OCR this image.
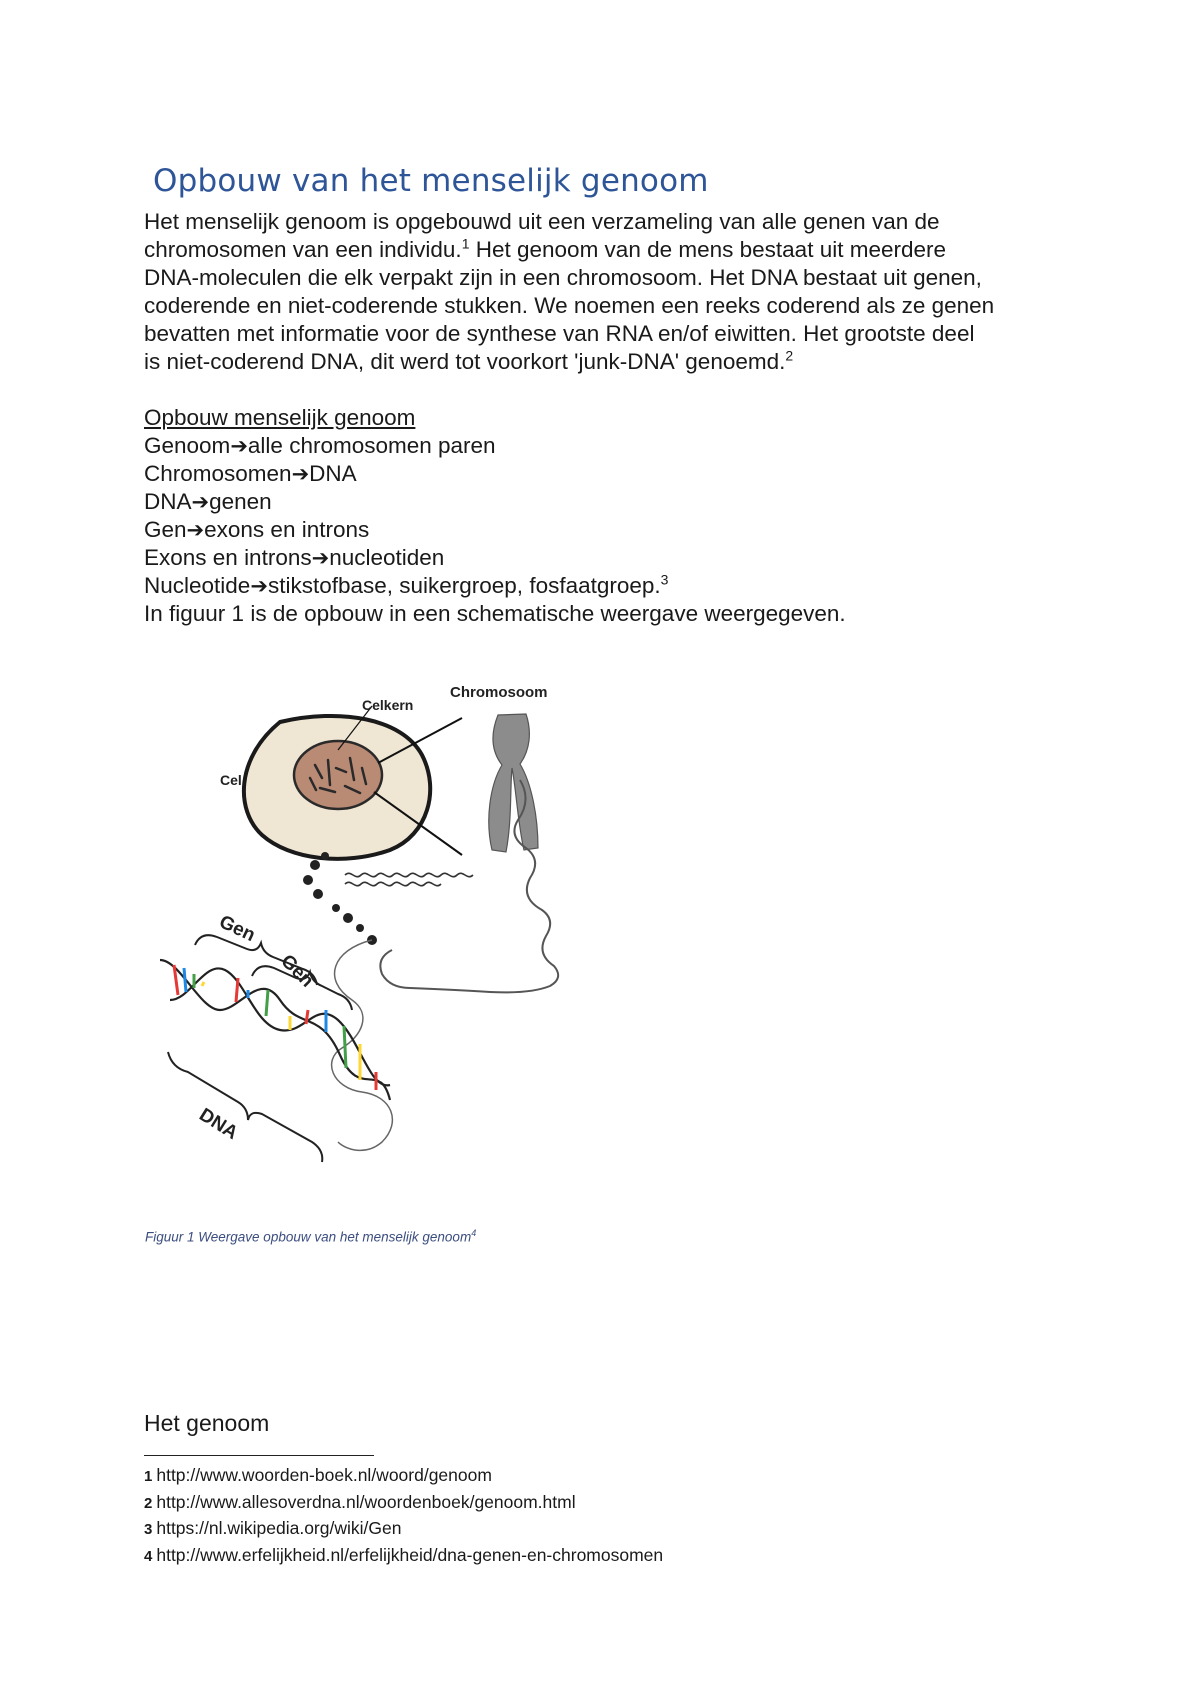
Opbouw van het menselijk genoom

Het menselijk genoom is opgebouwd uit een verzameling van alle genen van de
chromosomen van een individu.$^1$ Het genoom van de mens bestaat uit meerdere
DNA-moleculen die elk verpakt zijn in een chromosoom. Het DNA bestaat uit genen,
coderende en niet-coderende stukken. We noemen een reeks coderend als ze genen
bevatten met informatie voor de synthese van RNA en/of eiwitten. Het grootste deel
is niet-coderend DNA, dit werd tot voorkort 'junk-DNA' genoemd.$^2$

Opbouw menselijk genoom
Genoom➔alle chromosomen paren
Chromosomen➔DNA
DNA➔genen
Gen➔exons en introns
Exons en introns➔nucleotiden
Nucleotide➔stikstofbase, suikergroep, fosfaatgroep.$^3$
In figuur 1 is de opbouw in een schematische weergave weergegeven.
Celkern
Chromosoom
Cel
Gen
Gen
DNA
Figuur 1 Weergave opbouw van het menselijk genoom$^4$
Het genoom
1 http://www.woorden-boek.nl/woord/genoom
2 http://www.allesoverdna.nl/woordenboek/genoom.html
3 https://nl.wikipedia.org/wiki/Gen
4 http://www.erfelijkheid.nl/erfelijkheid/dna-genen-en-chromosomen
